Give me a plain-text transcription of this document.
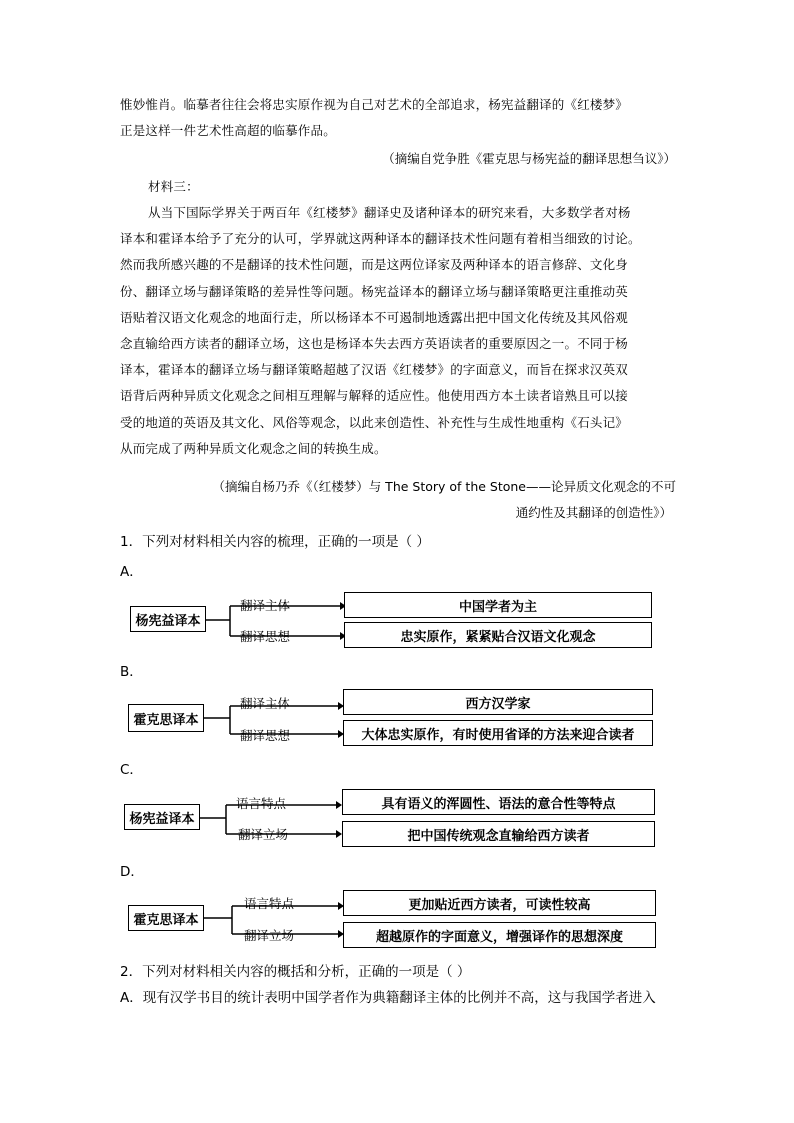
惟妙惟肖。临摹者往往会将忠实原作视为自己对艺术的全部追求，杨宪益翻译的《红楼梦》

正是这样一件艺术性高超的临摹作品。

（摘编自党争胜《霍克思与杨宪益的翻译思想刍议》）
材料三：

从当下国际学界关于两百年《红楼梦》翻译史及诸种译本的研究来看，大多数学者对杨

译本和霍译本给予了充分的认可，学界就这两种译本的翻译技术性问题有着相当细致的讨论。

然而我所感兴趣的不是翻译的技术性问题，而是这两位译家及两种译本的语言修辞、文化身

份、翻译立场与翻译策略的差异性等问题。杨宪益译本的翻译立场与翻译策略更注重推动英

语贴着汉语文化观念的地面行走，所以杨译本不可遏制地透露出把中国文化传统及其风俗观

念直输给西方读者的翻译立场，这也是杨译本失去西方英语读者的重要原因之一。不同于杨

译本，霍译本的翻译立场与翻译策略超越了汉语《红楼梦》的字面意义，而旨在探求汉英双

语背后两种异质文化观念之间相互理解与解释的适应性。他使用西方本土读者谙熟且可以接

受的地道的英语及其文化、风俗等观念，以此来创造性、补充性与生成性地重构《石头记》

从而完成了两种异质文化观念之间的转换生成。

（摘编自杨乃乔《（红楼梦）与 The Story of the Stone——论异质文化观念的不可
通约性及其翻译的创造性》）
1．下列对材料相关内容的梳理，正确的一项是（ ）
A．
杨宪益译本
翻译主体	中国学者为主
翻译思想	忠实原作，紧紧贴合汉语文化观念
B．
霍克思译本
翻译主体	西方汉学家
翻译思想	大体忠实原作，有时使用省译的方法来迎合读者
C．
杨宪益译本
语言特点	具有语义的浑圆性、语法的意合性等特点
翻译立场	把中国传统观念直输给西方读者
D．
霍克思译本
语言特点	更加贴近西方读者，可读性较高
翻译立场	超越原作的字面意义，增强译作的思想深度
2．下列对材料相关内容的概括和分析，正确的一项是（ ）
A．现有汉学书目的统计表明中国学者作为典籍翻译主体的比例并不高，这与我国学者进入
